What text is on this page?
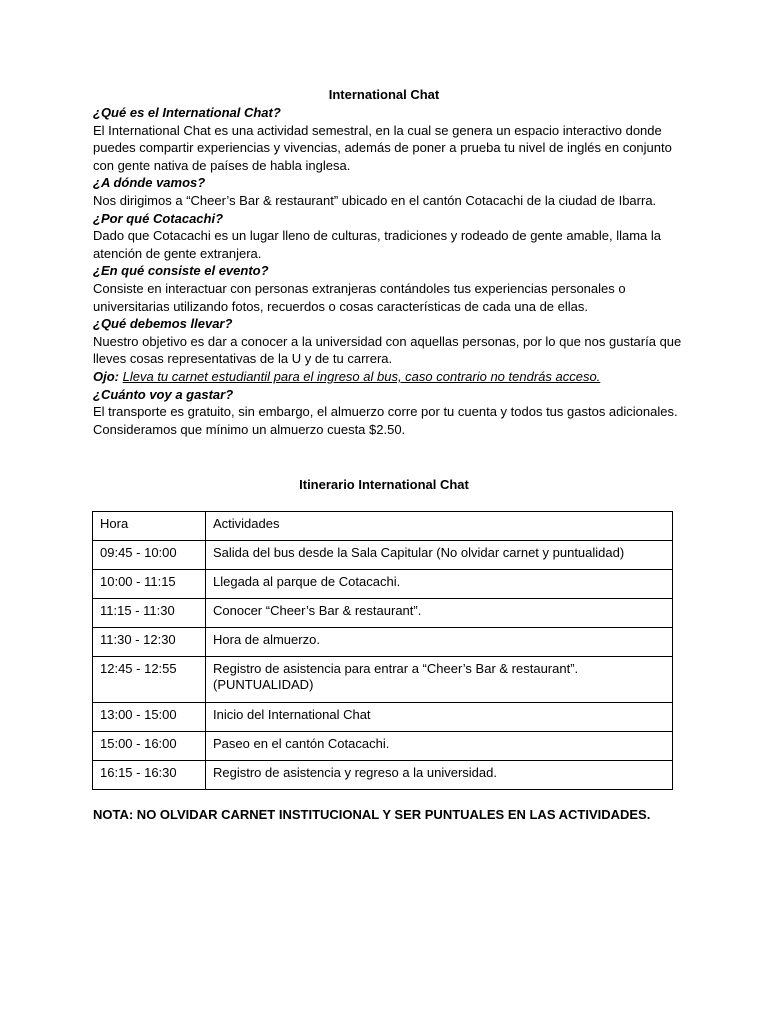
International Chat
¿Qué es el International Chat?

El International Chat es una actividad semestral, en la cual se genera un espacio interactivo donde puedes compartir experiencias y vivencias, además de poner a prueba tu nivel de inglés en conjunto con gente nativa de países de habla inglesa.

¿A dónde vamos?

Nos dirigimos a “Cheer’s Bar & restaurant” ubicado en el cantón Cotacachi de la ciudad de Ibarra.

¿Por qué Cotacachi?

Dado que Cotacachi es un lugar lleno de culturas, tradiciones y rodeado de gente amable, llama la atención de gente extranjera.

¿En qué consiste el evento?

Consiste en interactuar con personas extranjeras contándoles tus experiencias personales o universitarias utilizando fotos, recuerdos o cosas características de cada una de ellas.

¿Qué debemos llevar?

Nuestro objetivo es dar a conocer a la universidad con aquellas personas, por lo que nos gustaría que lleves cosas representativas de la U y de tu carrera.

Ojo: Lleva tu carnet estudiantil para el ingreso al bus, caso contrario no tendrás acceso.

¿Cuánto voy a gastar?

El transporte es gratuito, sin embargo, el almuerzo corre por tu cuenta y todos tus gastos adicionales. Consideramos que mínimo un almuerzo cuesta $2.50.

Itinerario International Chat
Hora	Actividades
09:45 - 10:00	Salida del bus desde la Sala Capitular (No olvidar carnet y puntualidad)
10:00 - 11:15	Llegada al parque de Cotacachi.
11:15 - 11:30	Conocer “Cheer’s Bar & restaurant”.
11:30 - 12:30	Hora de almuerzo.
12:45 - 12:55	Registro de asistencia para entrar a “Cheer’s Bar & restaurant”. (PUNTUALIDAD)
13:00 - 15:00	Inicio del International Chat
15:00 - 16:00	Paseo en el cantón Cotacachi.
16:15 - 16:30	Registro de asistencia y regreso a la universidad.
NOTA: NO OLVIDAR CARNET INSTITUCIONAL Y SER PUNTUALES EN LAS ACTIVIDADES.
